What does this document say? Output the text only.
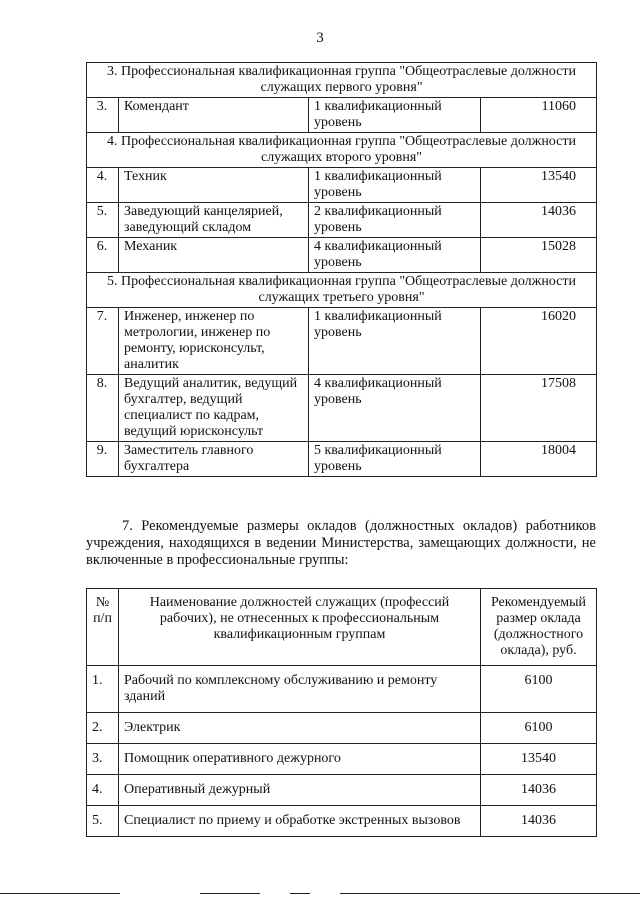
3
3. Профессиональная квалификационная группа "Общеотраслевые должности служащих первого уровня"			
3.	Комендант	1 квалификационный уровень	11060
4. Профессиональная квалификационная группа "Общеотраслевые должности служащих второго уровня"			
4.	Техник	1 квалификационный уровень	13540
5.	Заведующий канцелярией, заведующий складом	2 квалификационный уровень	14036
6.	Механик	4 квалификационный уровень	15028
5. Профессиональная квалификационная группа "Общеотраслевые должности служащих третьего уровня"			
7.	Инженер, инженер по метрологии, инженер по ремонту, юрисконсульт, аналитик	1 квалификационный уровень	16020
8.	Ведущий аналитик, ведущий бухгалтер, ведущий специалист по кадрам, ведущий юрисконсульт	4 квалификационный уровень	17508
9.	Заместитель главного бухгалтера	5 квалификационный уровень	18004
7. Рекомендуемые размеры окладов (должностных окладов) работников учреждения, находящихся в ведении Министерства, замещающих должности, не включенные в профессиональные группы:
№ п/п	Наименование должностей служащих (профессий рабочих), не отнесенных к профессиональным квалификационным группам	Рекомендуемый размер оклада (должностного оклада), руб.
1.	Рабочий по комплексному обслуживанию и ремонту зданий	6100
2.	Электрик	6100
3.	Помощник оперативного дежурного	13540
4.	Оперативный дежурный	14036
5.	Специалист по приему и обработке экстренных вызовов	14036
